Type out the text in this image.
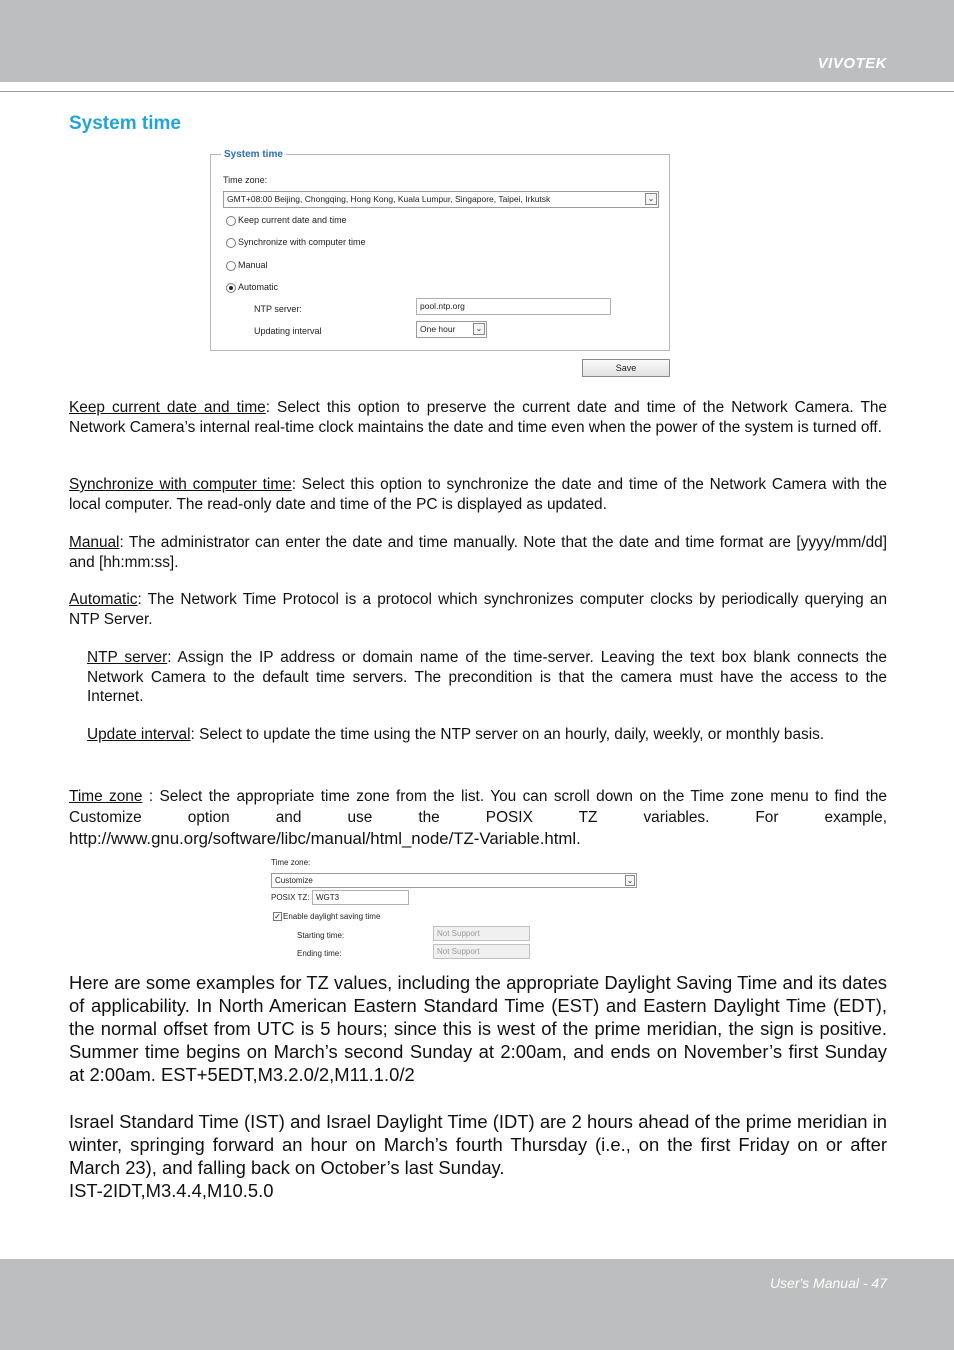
VIVOTEK
System time
System time
Time zone:
GMT+08:00 Beijing, Chongqing, Hong Kong, Kuala Lumpur, Singapore, Taipei, Irkutsk	⌄
Keep current date and time
Synchronize with computer time
Manual
Automatic
NTP server:	pool.ntp.org
Updating interval	One hour	⌄
Save
Keep current date and time: Select this option to preserve the current date and time of the Network Camera. The Network Camera’s internal real-time clock maintains the date and time even when the power of the system is turned off.
Synchronize with computer time: Select this option to synchronize the date and time of the Network Camera with the local computer. The read-only date and time of the PC is displayed as updated.
Manual: The administrator can enter the date and time manually. Note that the date and time format are [yyyy/mm/dd] and [hh:mm:ss].
Automatic: The Network Time Protocol is a protocol which synchronizes computer clocks by periodically querying an NTP Server.
NTP server: Assign the IP address or domain name of the time-server. Leaving the text box blank connects the Network Camera to the default time servers. The precondition is that the camera must have the access to the Internet.
Update interval: Select to update the time using the NTP server on an hourly, daily, weekly, or monthly basis.
Time zone : Select the appropriate time zone from the list. You can scroll down on the Time zone menu to find the Customize option and use the POSIX TZ variables. For example, http://www.gnu.org/software/libc/manual/html_node/TZ-Variable.html.
Time zone:
Customize	⌄
POSIX TZ: WGT3
✓ Enable daylight saving time
Starting time:	Not Support
Ending time:	Not Support
Here are some examples for TZ values, including the appropriate Daylight Saving Time and its dates of applicability. In North American Eastern Standard Time (EST) and Eastern Daylight Time (EDT), the normal offset from UTC is 5 hours; since this is west of the prime meridian, the sign is positive. Summer time begins on March’s second Sunday at 2:00am, and ends on November’s first Sunday at 2:00am. EST+5EDT,M3.2.0/2,M11.1.0/2
Israel Standard Time (IST) and Israel Daylight Time (IDT) are 2 hours ahead of the prime meridian in winter, springing forward an hour on March’s fourth Thursday (i.e., on the first Friday on or after March 23), and falling back on October’s last Sunday.
IST-2IDT,M3.4.4,M10.5.0
User's Manual - 47
